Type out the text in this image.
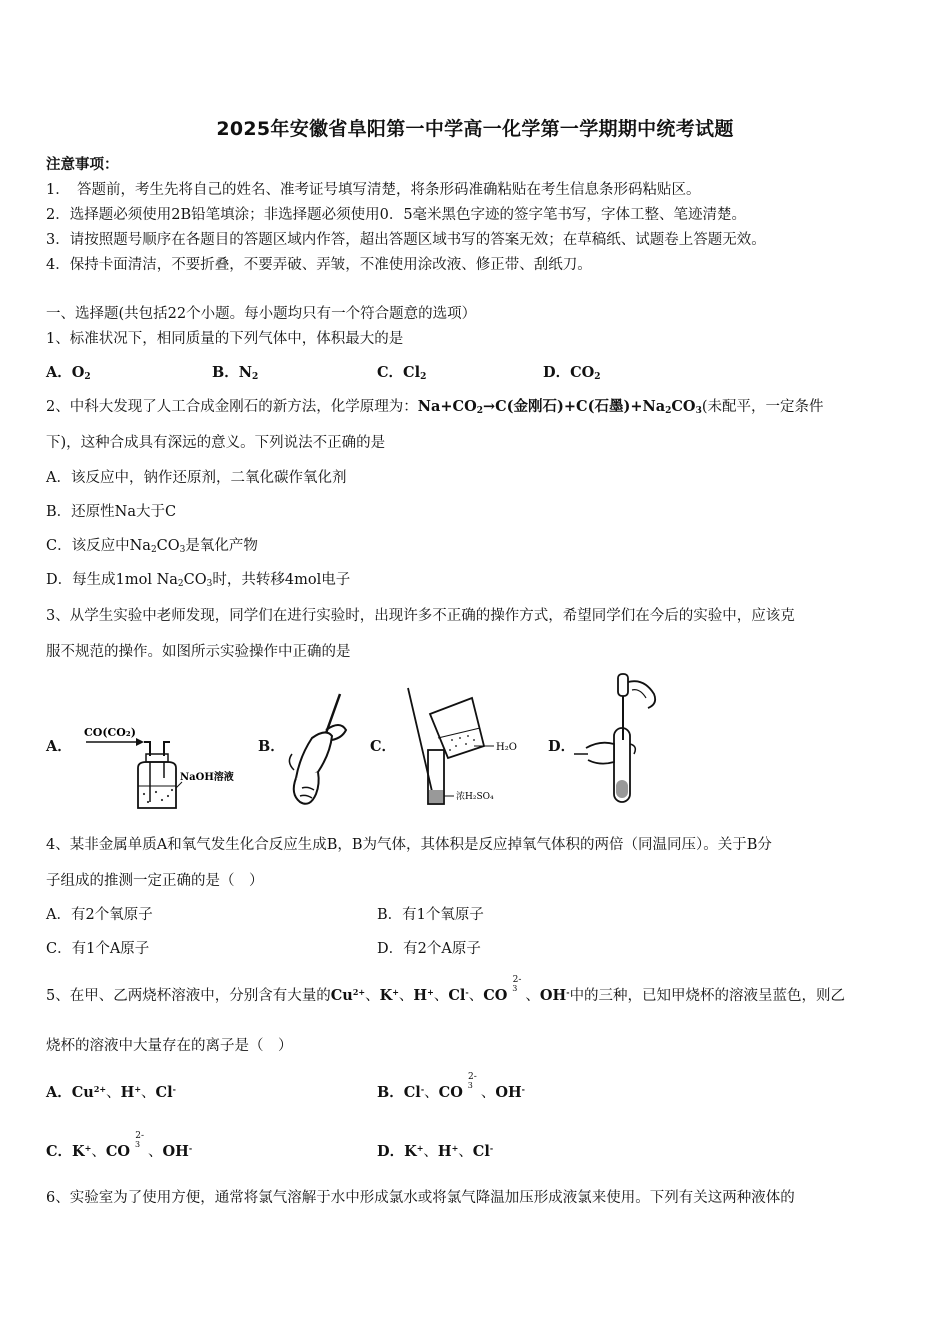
2025年安徽省阜阳第一中学高一化学第一学期期中统考试题
注意事项：
1．　答题前，考生先将自己的姓名、准考证号填写清楚，将条形码准确粘贴在考生信息条形码粘贴区。
2．选择题必须使用2B铅笔填涂；非选择题必须使用0．5毫米黑色字迹的签字笔书写，字体工整、笔迹清楚。
3．请按照题号顺序在各题目的答题区域内作答，超出答题区域书写的答案无效；在草稿纸、试题卷上答题无效。
4．保持卡面清洁，不要折叠，不要弄破、弄皱，不准使用涂改液、修正带、刮纸刀。
一、选择题(共包括22个小题。每小题均只有一个符合题意的选项）
1、标准状况下，相同质量的下列气体中，体积最大的是
A．$O_2$	B．$N_2$	C．$Cl_2$	D．$CO_2$
2、中科大发现了人工合成金刚石的新方法，化学原理为：$Na+CO_2\to C$(金刚石)+C(石墨)$+Na_2CO_3$(未配平，一定条件
下)，这种合成具有深远的意义。下列说法不正确的是
A．该反应中，钠作还原剂，二氧化碳作氧化剂
B．还原性Na大于C
C．该反应中$Na_2CO_3$是氧化产物
D．每生成1mol $Na_2CO_3$时，共转移4mol电子
3、从学生实验中老师发现，同学们在进行实验时，出现许多不正确的操作方式，希望同学们在今后的实验中，应该克
服不规范的操作。如图所示实验操作中正确的是
A．
CO(CO₂)
NaOH溶液
B．	C．	H₂O
浓H₂SO₄
D．
4、某非金属单质A和氧气发生化合反应生成B，B为气体，其体积是反应掉氧气体积的两倍（同温同压）。关于B分
子组成的推测一定正确的是（　）
A．有2个氧原子	B．有1个氧原子
C．有1个A原子	D．有2个A原子
5、在甲、乙两烧杯溶液中，分别含有大量的$Cu^{2+}$、K+、H+、Cl-、CO
2-
3 、OH-中的三种，已知甲烧杯的溶液呈蓝色，则乙
烧杯的溶液中大量存在的离子是（　）
A．$Cu^{2+}$、H+、Cl-	B．Cl-、CO
2-
3 、OH-
C．K+、CO
2-
3 、OH-	D．K+、H+、Cl-
6、实验室为了使用方便，通常将氯气溶解于水中形成氯水或将氯气降温加压形成液氯来使用。下列有关这两种液体的
